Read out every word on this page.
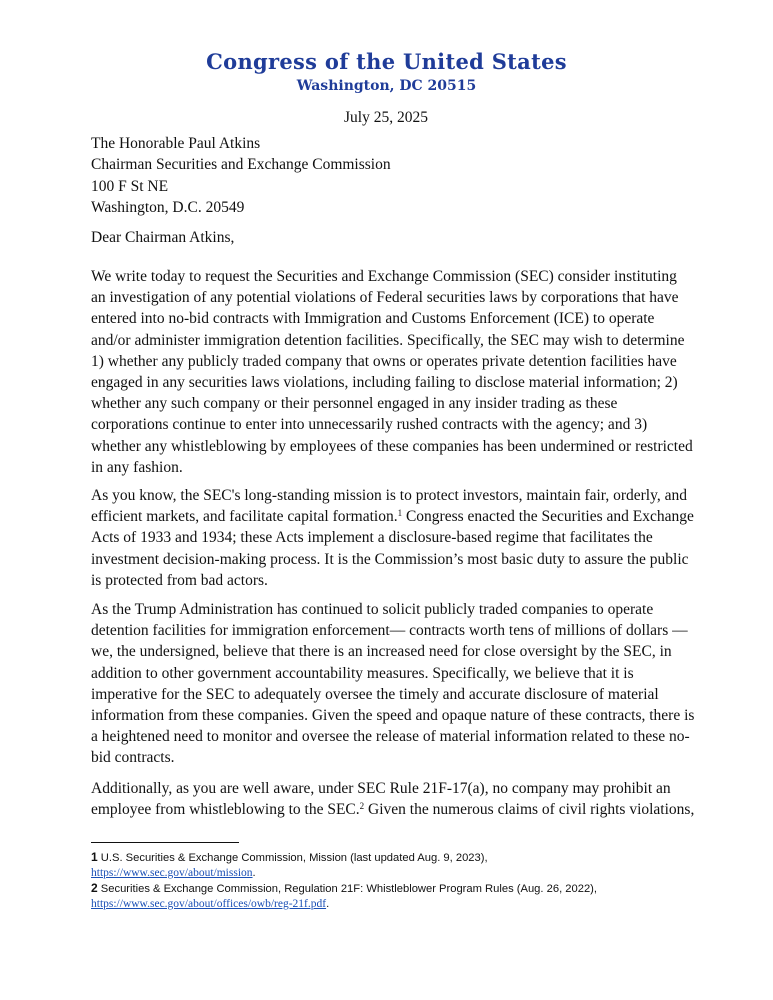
Congress of the United States
Washington, DC 20515
July 25, 2025
The Honorable Paul Atkins
Chairman Securities and Exchange Commission
100 F St NE
Washington, D.C. 20549
Dear Chairman Atkins,
We write today to request the Securities and Exchange Commission (SEC) consider instituting
an investigation of any potential violations of Federal securities laws by corporations that have
entered into no-bid contracts with Immigration and Customs Enforcement (ICE) to operate
and/or administer immigration detention facilities. Specifically, the SEC may wish to determine
1) whether any publicly traded company that owns or operates private detention facilities have
engaged in any securities laws violations, including failing to disclose material information; 2)
whether any such company or their personnel engaged in any insider trading as these
corporations continue to enter into unnecessarily rushed contracts with the agency; and 3)
whether any whistleblowing by employees of these companies has been undermined or restricted
in any fashion.
As you know, the SEC's long-standing mission is to protect investors, maintain fair, orderly, and
efficient markets, and facilitate capital formation.$^1$ Congress enacted the Securities and Exchange
Acts of 1933 and 1934; these Acts implement a disclosure-based regime that facilitates the
investment decision-making process. It is the Commission’s most basic duty to assure the public
is protected from bad actors.
As the Trump Administration has continued to solicit publicly traded companies to operate
detention facilities for immigration enforcement— contracts worth tens of millions of dollars —
we, the undersigned, believe that there is an increased need for close oversight by the SEC, in
addition to other government accountability measures. Specifically, we believe that it is
imperative for the SEC to adequately oversee the timely and accurate disclosure of material
information from these companies. Given the speed and opaque nature of these contracts, there is
a heightened need to monitor and oversee the release of material information related to these no-
bid contracts.
Additionally, as you are well aware, under SEC Rule 21F-17(a), no company may prohibit an
employee from whistleblowing to the SEC.$^2$ Given the numerous claims of civil rights violations,
1 U.S. Securities & Exchange Commission, Mission (last updated Aug. 9, 2023),
https://www.sec.gov/about/mission.
2 Securities & Exchange Commission, Regulation 21F: Whistleblower Program Rules (Aug. 26, 2022),
https://www.sec.gov/about/offices/owb/reg-21f.pdf.
